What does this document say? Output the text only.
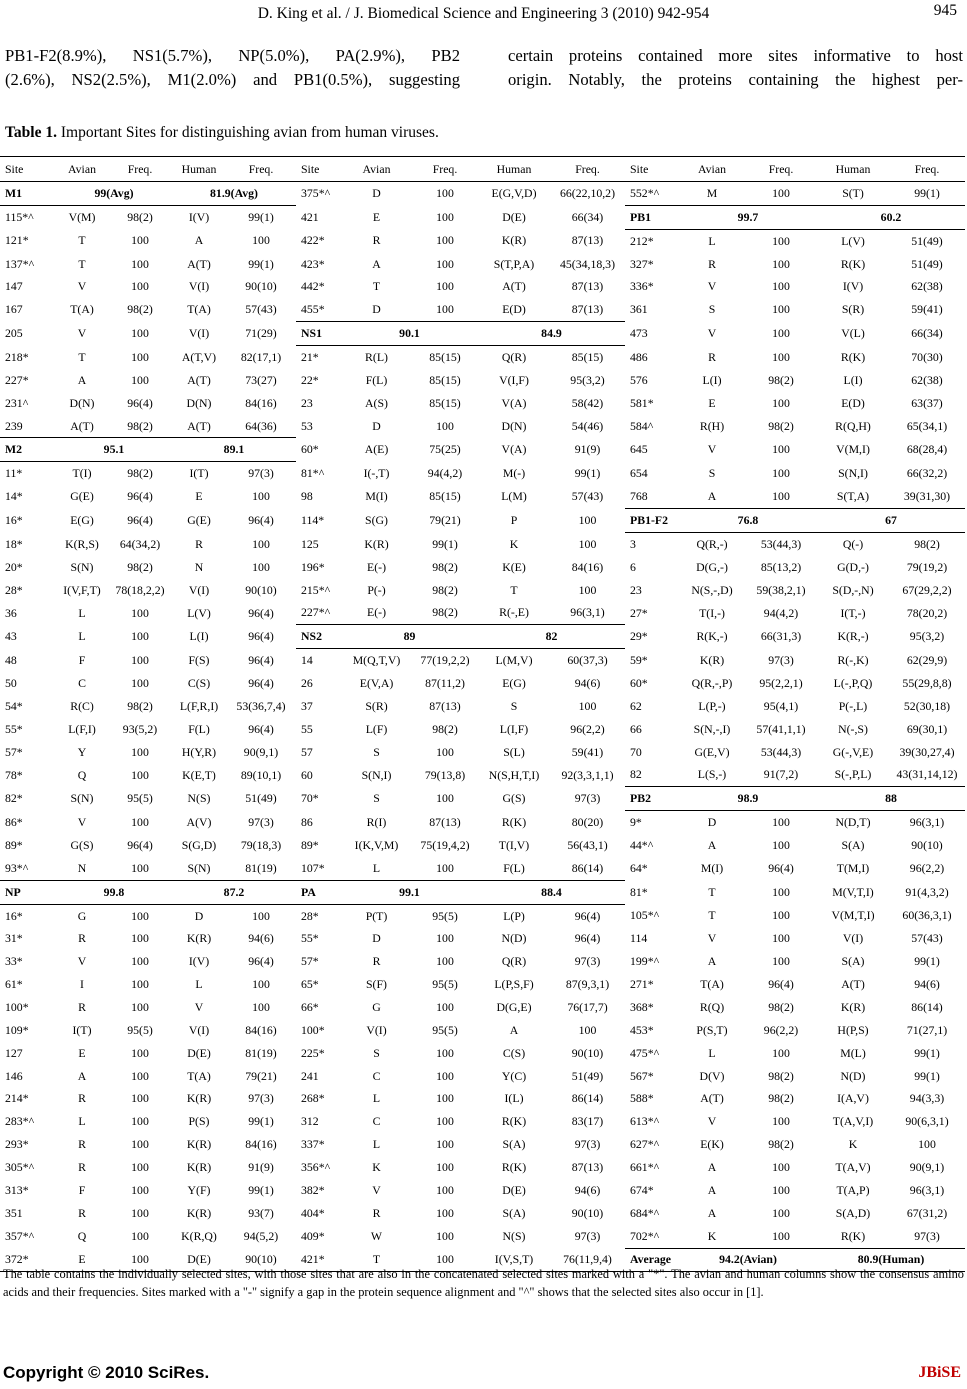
D. King et al. / J. Biomedical Science and Engineering 3 (2010) 942-954	945
PB1-F2(8.9%), NS1(5.7%), NP(5.0%), PA(2.9%), PB2
(2.6%), NS2(2.5%), M1(2.0%) and PB1(0.5%), suggesting
certain proteins contained more sites informative to host
origin. Notably, the proteins containing the highest per-
Table 1. Important Sites for distinguishing avian from human viruses.
Site	Avian	Freq.	Human	Freq.	Site	Avian	Freq.	Human	Freq.	Site	Avian	Freq.	Human	Freq.
M1	99(Avg)		81.9(Avg)		375*^	D	100	E(G,V,D)	66(22,10,2)	552*^	M	100	S(T)	99(1)
115*^	V(M)	98(2)	I(V)	99(1)	421	E	100	D(E)	66(34)	PB1	99.7		60.2	
121*	T	100	A	100	422*	R	100	K(R)	87(13)	212*	L	100	L(V)	51(49)
137*^	T	100	A(T)	99(1)	423*	A	100	S(T,P,A)	45(34,18,3)	327*	R	100	R(K)	51(49)
147	V	100	V(I)	90(10)	442*	T	100	A(T)	87(13)	336*	V	100	I(V)	62(38)
167	T(A)	98(2)	T(A)	57(43)	455*	D	100	E(D)	87(13)	361	S	100	S(R)	59(41)
205	V	100	V(I)	71(29)	NS1	90.1		84.9		473	V	100	V(L)	66(34)
218*	T	100	A(T,V)	82(17,1)	21*	R(L)	85(15)	Q(R)	85(15)	486	R	100	R(K)	70(30)
227*	A	100	A(T)	73(27)	22*	F(L)	85(15)	V(I,F)	95(3,2)	576	L(I)	98(2)	L(I)	62(38)
231^	D(N)	96(4)	D(N)	84(16)	23	A(S)	85(15)	V(A)	58(42)	581*	E	100	E(D)	63(37)
239	A(T)	98(2)	A(T)	64(36)	53	D	100	D(N)	54(46)	584^	R(H)	98(2)	R(Q,H)	65(34,1)
M2	95.1		89.1		60*	A(E)	75(25)	V(A)	91(9)	645	V	100	V(M,I)	68(28,4)
11*	T(I)	98(2)	I(T)	97(3)	81*^	I(-,T)	94(4,2)	M(-)	99(1)	654	S	100	S(N,I)	66(32,2)
14*	G(E)	96(4)	E	100	98	M(I)	85(15)	L(M)	57(43)	768	A	100	S(T,A)	39(31,30)
16*	E(G)	96(4)	G(E)	96(4)	114*	S(G)	79(21)	P	100	PB1-F2	76.8		67	
18*	K(R,S)	64(34,2)	R	100	125	K(R)	99(1)	K	100	3	Q(R,-)	53(44,3)	Q(-)	98(2)
20*	S(N)	98(2)	N	100	196*	E(-)	98(2)	K(E)	84(16)	6	D(G,-)	85(13,2)	G(D,-)	79(19,2)
28*	I(V,F,T)	78(18,2,2)	V(I)	90(10)	215*^	P(-)	98(2)	T	100	23	N(S,-,D)	59(38,2,1)	S(D,-,N)	67(29,2,2)
36	L	100	L(V)	96(4)	227*^	E(-)	98(2)	R(-,E)	96(3,1)	27*	T(I,-)	94(4,2)	I(T,-)	78(20,2)
43	L	100	L(I)	96(4)	NS2	89		82		29*	R(K,-)	66(31,3)	K(R,-)	95(3,2)
48	F	100	F(S)	96(4)	14	M(Q,T,V)	77(19,2,2)	L(M,V)	60(37,3)	59*	K(R)	97(3)	R(-,K)	62(29,9)
50	C	100	C(S)	96(4)	26	E(V,A)	87(11,2)	E(G)	94(6)	60*	Q(R,-,P)	95(2,2,1)	L(-,P,Q)	55(29,8,8)
54*	R(C)	98(2)	L(F,R,I)	53(36,7,4)	37	S(R)	87(13)	S	100	62	L(P,-)	95(4,1)	P(-,L)	52(30,18)
55*	L(F,I)	93(5,2)	F(L)	96(4)	55	L(F)	98(2)	L(I,F)	96(2,2)	66	S(N,-,I)	57(41,1,1)	N(-,S)	69(30,1)
57*	Y	100	H(Y,R)	90(9,1)	57	S	100	S(L)	59(41)	70	G(E,V)	53(44,3)	G(-,V,E)	39(30,27,4)
78*	Q	100	K(E,T)	89(10,1)	60	S(N,I)	79(13,8)	N(S,H,T,I)	92(3,3,1,1)	82	L(S,-)	91(7,2)	S(-,P,L)	43(31,14,12)
82*	S(N)	95(5)	N(S)	51(49)	70*	S	100	G(S)	97(3)	PB2	98.9		88	
86*	V	100	A(V)	97(3)	86	R(I)	87(13)	R(K)	80(20)	9*	D	100	N(D,T)	96(3,1)
89*	G(S)	96(4)	S(G,D)	79(18,3)	89*	I(K,V,M)	75(19,4,2)	T(I,V)	56(43,1)	44*^	A	100	S(A)	90(10)
93*^	N	100	S(N)	81(19)	107*	L	100	F(L)	86(14)	64*	M(I)	96(4)	T(M,I)	96(2,2)
NP	99.8		87.2		PA	99.1		88.4		81*	T	100	M(V,T,I)	91(4,3,2)
16*	G	100	D	100	28*	P(T)	95(5)	L(P)	96(4)	105*^	T	100	V(M,T,I)	60(36,3,1)
31*	R	100	K(R)	94(6)	55*	D	100	N(D)	96(4)	114	V	100	V(I)	57(43)
33*	V	100	I(V)	96(4)	57*	R	100	Q(R)	97(3)	199*^	A	100	S(A)	99(1)
61*	I	100	L	100	65*	S(F)	95(5)	L(P,S,F)	87(9,3,1)	271*	T(A)	96(4)	A(T)	94(6)
100*	R	100	V	100	66*	G	100	D(G,E)	76(17,7)	368*	R(Q)	98(2)	K(R)	86(14)
109*	I(T)	95(5)	V(I)	84(16)	100*	V(I)	95(5)	A	100	453*	P(S,T)	96(2,2)	H(P,S)	71(27,1)
127	E	100	D(E)	81(19)	225*	S	100	C(S)	90(10)	475*^	L	100	M(L)	99(1)
146	A	100	T(A)	79(21)	241	C	100	Y(C)	51(49)	567*	D(V)	98(2)	N(D)	99(1)
214*	R	100	K(R)	97(3)	268*	L	100	I(L)	86(14)	588*	A(T)	98(2)	I(A,V)	94(3,3)
283*^	L	100	P(S)	99(1)	312	C	100	R(K)	83(17)	613*^	V	100	T(A,V,I)	90(6,3,1)
293*	R	100	K(R)	84(16)	337*	L	100	S(A)	97(3)	627*^	E(K)	98(2)	K	100
305*^	R	100	K(R)	91(9)	356*^	K	100	R(K)	87(13)	661*^	A	100	T(A,V)	90(9,1)
313*	F	100	Y(F)	99(1)	382*	V	100	D(E)	94(6)	674*	A	100	T(A,P)	96(3,1)
351	R	100	K(R)	93(7)	404*	R	100	S(A)	90(10)	684*^	A	100	S(A,D)	67(31,2)
357*^	Q	100	K(R,Q)	94(5,2)	409*	W	100	N(S)	97(3)	702*^	K	100	R(K)	97(3)
372*	E	100	D(E)	90(10)	421*	T	100	I(V,S,T)	76(11,9,4)	Average	94.2(Avian)		80.9(Human)	
The table contains the individually selected sites, with those sites that are also in the concatenated selected sites marked with a "*". The avian and human columns show the consensus amino acids and their frequencies. Sites marked with a "-" signify a gap in the protein sequence alignment and "^" shows that the selected sites also occur in [1].
Copyright © 2010 SciRes.	JBiSE
